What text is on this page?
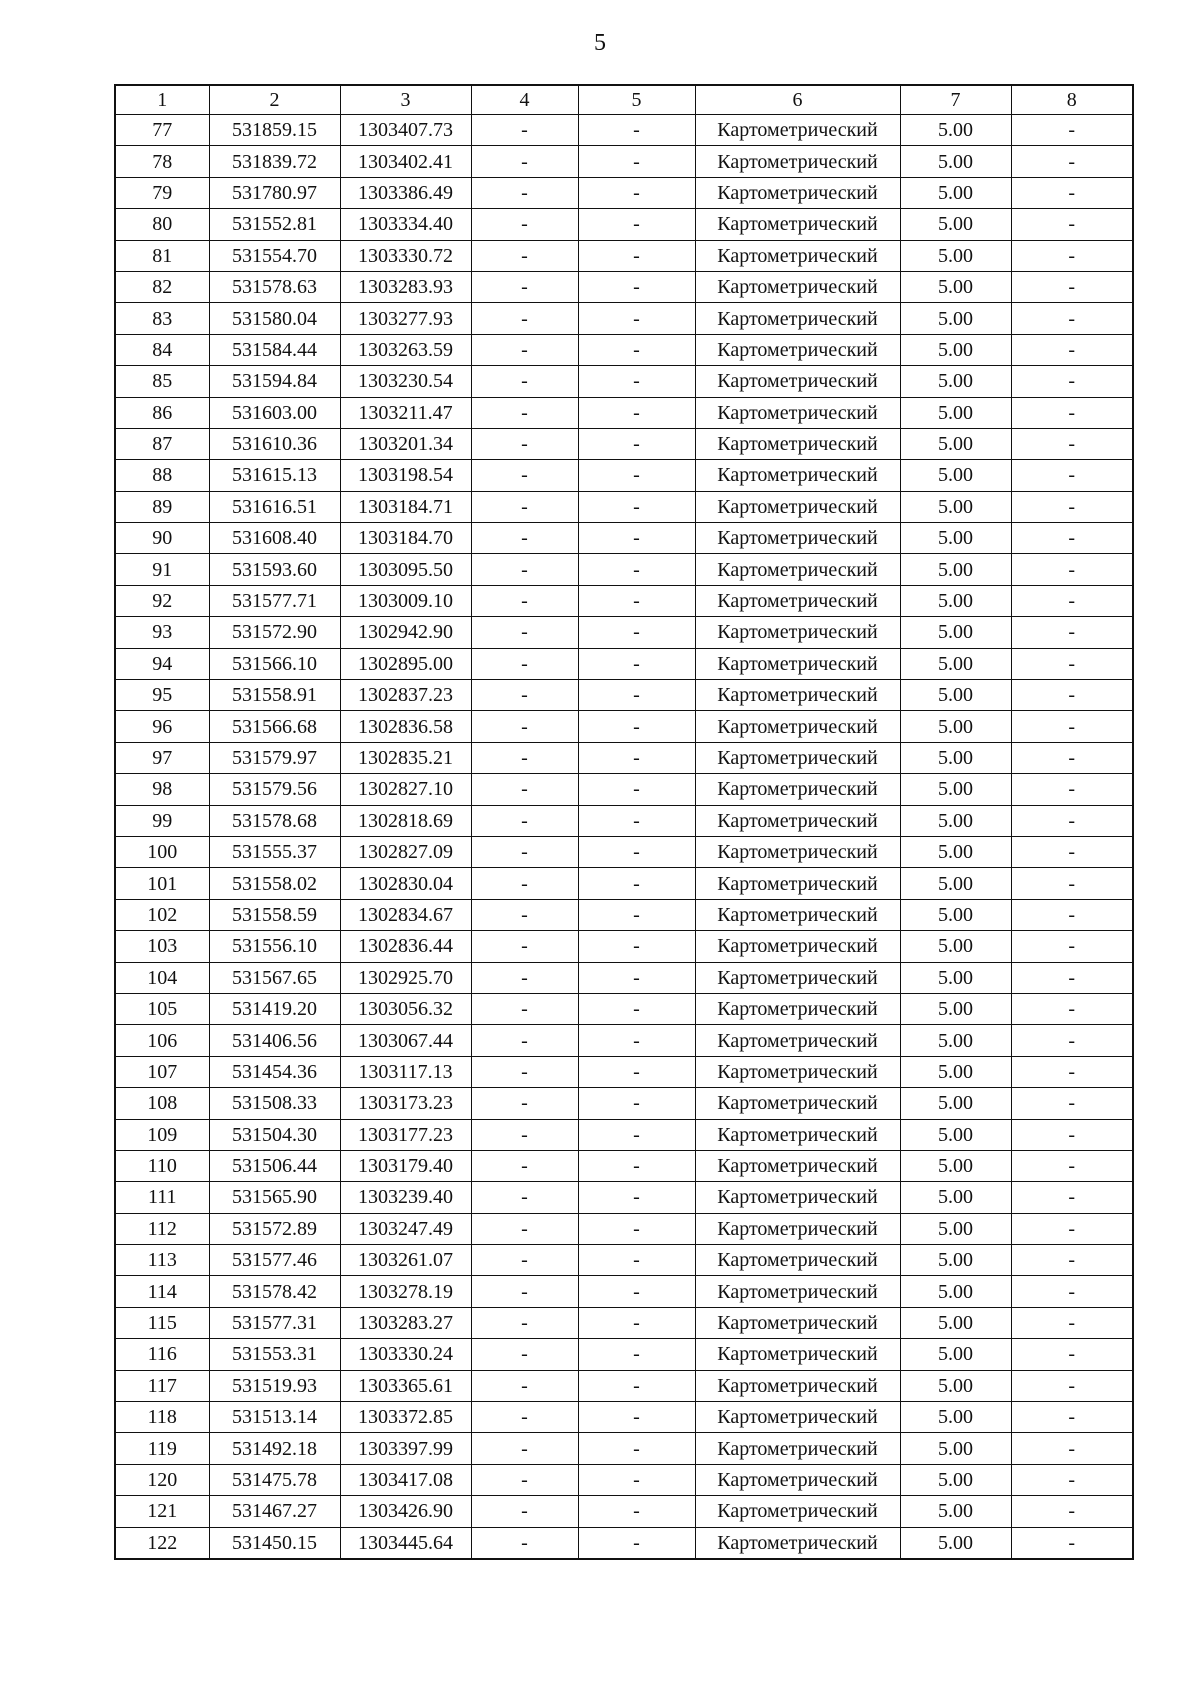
5
1	2	3	4	5	6	7	8
77	531859.15	1303407.73	-	-	Картометрический	5.00	-
78	531839.72	1303402.41	-	-	Картометрический	5.00	-
79	531780.97	1303386.49	-	-	Картометрический	5.00	-
80	531552.81	1303334.40	-	-	Картометрический	5.00	-
81	531554.70	1303330.72	-	-	Картометрический	5.00	-
82	531578.63	1303283.93	-	-	Картометрический	5.00	-
83	531580.04	1303277.93	-	-	Картометрический	5.00	-
84	531584.44	1303263.59	-	-	Картометрический	5.00	-
85	531594.84	1303230.54	-	-	Картометрический	5.00	-
86	531603.00	1303211.47	-	-	Картометрический	5.00	-
87	531610.36	1303201.34	-	-	Картометрический	5.00	-
88	531615.13	1303198.54	-	-	Картометрический	5.00	-
89	531616.51	1303184.71	-	-	Картометрический	5.00	-
90	531608.40	1303184.70	-	-	Картометрический	5.00	-
91	531593.60	1303095.50	-	-	Картометрический	5.00	-
92	531577.71	1303009.10	-	-	Картометрический	5.00	-
93	531572.90	1302942.90	-	-	Картометрический	5.00	-
94	531566.10	1302895.00	-	-	Картометрический	5.00	-
95	531558.91	1302837.23	-	-	Картометрический	5.00	-
96	531566.68	1302836.58	-	-	Картометрический	5.00	-
97	531579.97	1302835.21	-	-	Картометрический	5.00	-
98	531579.56	1302827.10	-	-	Картометрический	5.00	-
99	531578.68	1302818.69	-	-	Картометрический	5.00	-
100	531555.37	1302827.09	-	-	Картометрический	5.00	-
101	531558.02	1302830.04	-	-	Картометрический	5.00	-
102	531558.59	1302834.67	-	-	Картометрический	5.00	-
103	531556.10	1302836.44	-	-	Картометрический	5.00	-
104	531567.65	1302925.70	-	-	Картометрический	5.00	-
105	531419.20	1303056.32	-	-	Картометрический	5.00	-
106	531406.56	1303067.44	-	-	Картометрический	5.00	-
107	531454.36	1303117.13	-	-	Картометрический	5.00	-
108	531508.33	1303173.23	-	-	Картометрический	5.00	-
109	531504.30	1303177.23	-	-	Картометрический	5.00	-
110	531506.44	1303179.40	-	-	Картометрический	5.00	-
111	531565.90	1303239.40	-	-	Картометрический	5.00	-
112	531572.89	1303247.49	-	-	Картометрический	5.00	-
113	531577.46	1303261.07	-	-	Картометрический	5.00	-
114	531578.42	1303278.19	-	-	Картометрический	5.00	-
115	531577.31	1303283.27	-	-	Картометрический	5.00	-
116	531553.31	1303330.24	-	-	Картометрический	5.00	-
117	531519.93	1303365.61	-	-	Картометрический	5.00	-
118	531513.14	1303372.85	-	-	Картометрический	5.00	-
119	531492.18	1303397.99	-	-	Картометрический	5.00	-
120	531475.78	1303417.08	-	-	Картометрический	5.00	-
121	531467.27	1303426.90	-	-	Картометрический	5.00	-
122	531450.15	1303445.64	-	-	Картометрический	5.00	-
